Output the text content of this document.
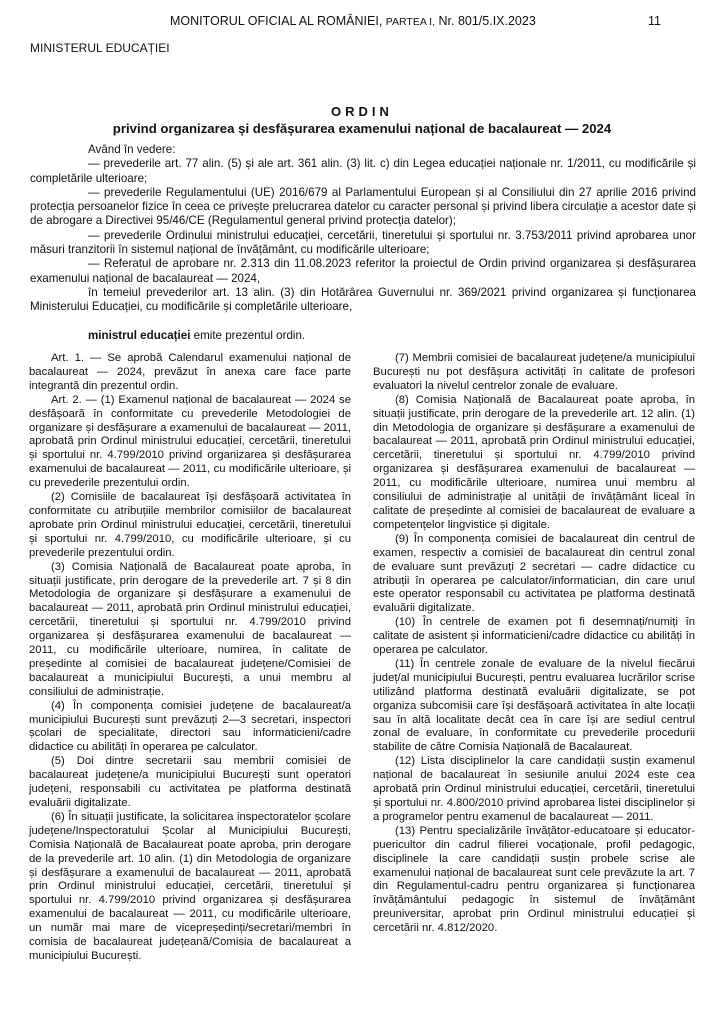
MONITORUL OFICIAL AL ROMÂNIEI, PARTEA I, Nr. 801/5.IX.2023	11
MINISTERUL EDUCAȚIEI
ORDIN
privind organizarea și desfășurarea examenului național de bacalaureat — 2024

Având în vedere:

— prevederile art. 77 alin. (5) și ale art. 361 alin. (3) lit. c) din Legea educației naționale nr. 1/2011, cu modificările și completările ulterioare;

— prevederile Regulamentului (UE) 2016/679 al Parlamentului European și al Consiliului din 27 aprilie 2016 privind protecția persoanelor fizice în ceea ce privește prelucrarea datelor cu caracter personal și privind libera circulație a acestor date și de abrogare a Directivei 95/46/CE (Regulamentul general privind protecția datelor);

— prevederile Ordinului ministrului educației, cercetării, tineretului și sportului nr. 3.753/2011 privind aprobarea unor măsuri tranzitorii în sistemul național de învățământ, cu modificările ulterioare;

— Referatul de aprobare nr. 2.313 din 11.08.2023 referitor la proiectul de Ordin privind organizarea și desfășurarea examenului național de bacalaureat — 2024,

în temeiul prevederilor art. 13 alin. (3) din Hotărârea Guvernului nr. 369/2021 privind organizarea și funcționarea Ministerului Educației, cu modificările și completările ulterioare,

ministrul educației emite prezentul ordin.

Art. 1. — Se aprobă Calendarul examenului național de bacalaureat — 2024, prevăzut în anexa care face parte integrantă din prezentul ordin.

Art. 2. — (1) Examenul național de bacalaureat — 2024 se desfășoară în conformitate cu prevederile Metodologiei de organizare și desfășurare a examenului de bacalaureat — 2011, aprobată prin Ordinul ministrului educației, cercetării, tineretului și sportului nr. 4.799/2010 privind organizarea și desfășurarea examenului de bacalaureat — 2011, cu modificările ulterioare, și cu prevederile prezentului ordin.

(2) Comisiile de bacalaureat își desfășoară activitatea în conformitate cu atribuțiile membrilor comisiilor de bacalaureat aprobate prin Ordinul ministrului educației, cercetării, tineretului și sportului nr. 4.799/2010, cu modificările ulterioare, și cu prevederile prezentului ordin.

(3) Comisia Națională de Bacalaureat poate aproba, în situații justificate, prin derogare de la prevederile art. 7 și 8 din Metodologia de organizare și desfășurare a examenului de bacalaureat — 2011, aprobată prin Ordinul ministrului educației, cercetării, tineretului și sportului nr. 4.799/2010 privind organizarea și desfășurarea examenului de bacalaureat — 2011, cu modificările ulterioare, numirea, în calitate de președinte al comisiei de bacalaureat județene/Comisiei de bacalaureat a municipiului București, a unui membru al consiliului de administrație.

(4) În componența comisiei județene de bacalaureat/a municipiului București sunt prevăzuți 2—3 secretari, inspectori școlari de specialitate, directori sau informaticieni/cadre didactice cu abilități în operarea pe calculator.

(5) Doi dintre secretarii sau membrii comisiei de bacalaureat județene/a municipiului București sunt operatori județeni, responsabili cu activitatea pe platforma destinată evaluării digitalizate.

(6) În situații justificate, la solicitarea inspectoratelor școlare județene/Inspectoratului Școlar al Municipiului București, Comisia Națională de Bacalaureat poate aproba, prin derogare de la prevederile art. 10 alin. (1) din Metodologia de organizare și desfășurare a examenului de bacalaureat — 2011, aprobată prin Ordinul ministrului educației, cercetării, tineretului și sportului nr. 4.799/2010 privind organizarea și desfășurarea examenului de bacalaureat — 2011, cu modificările ulterioare, un număr mai mare de vicepreședinți/secretari/membri în comisia de bacalaureat județeană/Comisia de bacalaureat a municipiului București.

(7) Membrii comisiei de bacalaureat județene/a municipiului București nu pot desfășura activități în calitate de profesori evaluatori la nivelul centrelor zonale de evaluare.

(8) Comisia Națională de Bacalaureat poate aproba, în situații justificate, prin derogare de la prevederile art. 12 alin. (1) din Metodologia de organizare și desfășurare a examenului de bacalaureat — 2011, aprobată prin Ordinul ministrului educației, cercetării, tineretului și sportului nr. 4.799/2010 privind organizarea și desfășurarea examenului de bacalaureat — 2011, cu modificările ulterioare, numirea unui membru al consiliului de administrație al unității de învățământ liceal în calitate de președinte al comisiei de bacalaureat de evaluare a competențelor lingvistice și digitale.

(9) În componența comisiei de bacalaureat din centrul de examen, respectiv a comisiei de bacalaureat din centrul zonal de evaluare sunt prevăzuți 2 secretari — cadre didactice cu atribuții în operarea pe calculator/informatician, din care unul este operator responsabil cu activitatea pe platforma destinată evaluării digitalizate.

(10) În centrele de examen pot fi desemnați/numiți în calitate de asistent și informaticieni/cadre didactice cu abilități în operarea pe calculator.

(11) În centrele zonale de evaluare de la nivelul fiecărui județ/al municipiului București, pentru evaluarea lucrărilor scrise utilizând platforma destinată evaluării digitalizate, se pot organiza subcomisii care își desfășoară activitatea în alte locații sau în altă localitate decât cea în care își are sediul centrul zonal de evaluare, în conformitate cu prevederile procedurii stabilite de către Comisia Națională de Bacalaureat.

(12) Lista disciplinelor la care candidații susțin examenul național de bacalaureat în sesiunile anului 2024 este cea aprobată prin Ordinul ministrului educației, cercetării, tineretului și sportului nr. 4.800/2010 privind aprobarea listei disciplinelor și a programelor pentru examenul de bacalaureat — 2011.

(13) Pentru specializările învățător-educatoare și educator-puericultor din cadrul filierei vocaționale, profil pedagogic, disciplinele la care candidații susțin probele scrise ale examenului național de bacalaureat sunt cele prevăzute la art. 7 din Regulamentul-cadru pentru organizarea și funcționarea învățământului pedagogic în sistemul de învățământ preuniversitar, aprobat prin Ordinul ministrului educației și cercetării nr. 4.812/2020.
